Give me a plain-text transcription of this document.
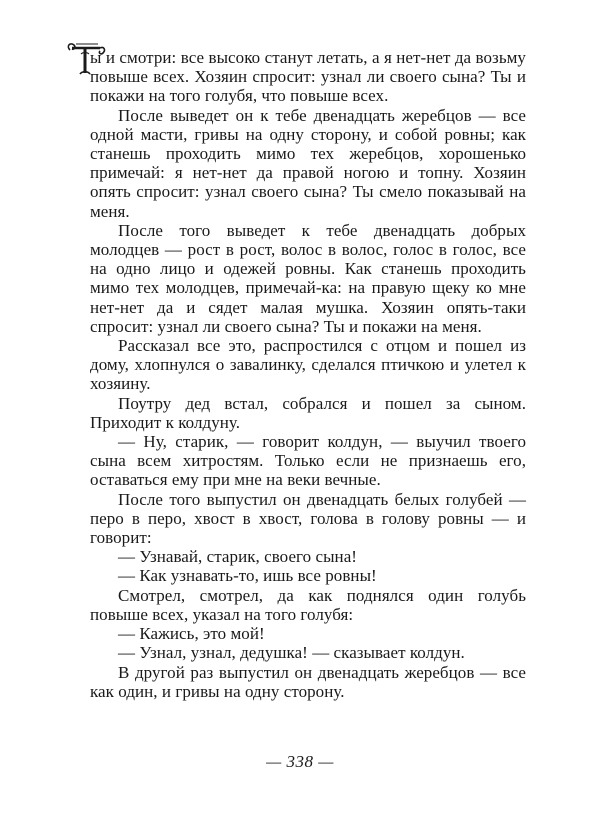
ы и смотри: все высоко станут летать, а я нет-нет да возьму повыше всех. Хозяин спросит: узнал ли своего сына? Ты и покажи на того голубя, что повыше всех.

После выведет он к тебе двенадцать жеребцов — все одной масти, гривы на одну сторону, и собой ровны; как станешь проходить мимо тех жеребцов, хорошенько примечай: я нет-нет да правой ногою и топну. Хозяин опять спросит: узнал своего сына? Ты смело показывай на меня.

После того выведет к тебе двенадцать добрых молодцев — рост в рост, волос в волос, голос в голос, все на одно лицо и одежей ровны. Как станешь проходить мимо тех молодцев, примечай-ка: на правую щеку ко мне нет-нет да и сядет малая мушка. Хозяин опять-таки спросит: узнал ли своего сына? Ты и покажи на меня.

Рассказал все это, распростился с отцом и пошел из дому, хлопнулся о завалинку, сделался птичкою и улетел к хозяину.

Поутру дед встал, собрался и пошел за сыном. Приходит к колдуну.

— Ну, старик, — говорит колдун, — выучил твоего сына всем хитростям. Только если не признаешь его, оставаться ему при мне на веки вечные.

После того выпустил он двенадцать белых голубей — перо в перо, хвост в хвост, голова в голову ровны — и говорит:

— Узнавай, старик, своего сына!

— Как узнавать-то, ишь все ровны!

Смотрел, смотрел, да как поднялся один голубь повыше всех, указал на того голубя:

— Кажись, это мой!

— Узнал, узнал, дедушка! — сказывает колдун.

В другой раз выпустил он двенадцать жеребцов — все как один, и гривы на одну сторону.

— 338 —
